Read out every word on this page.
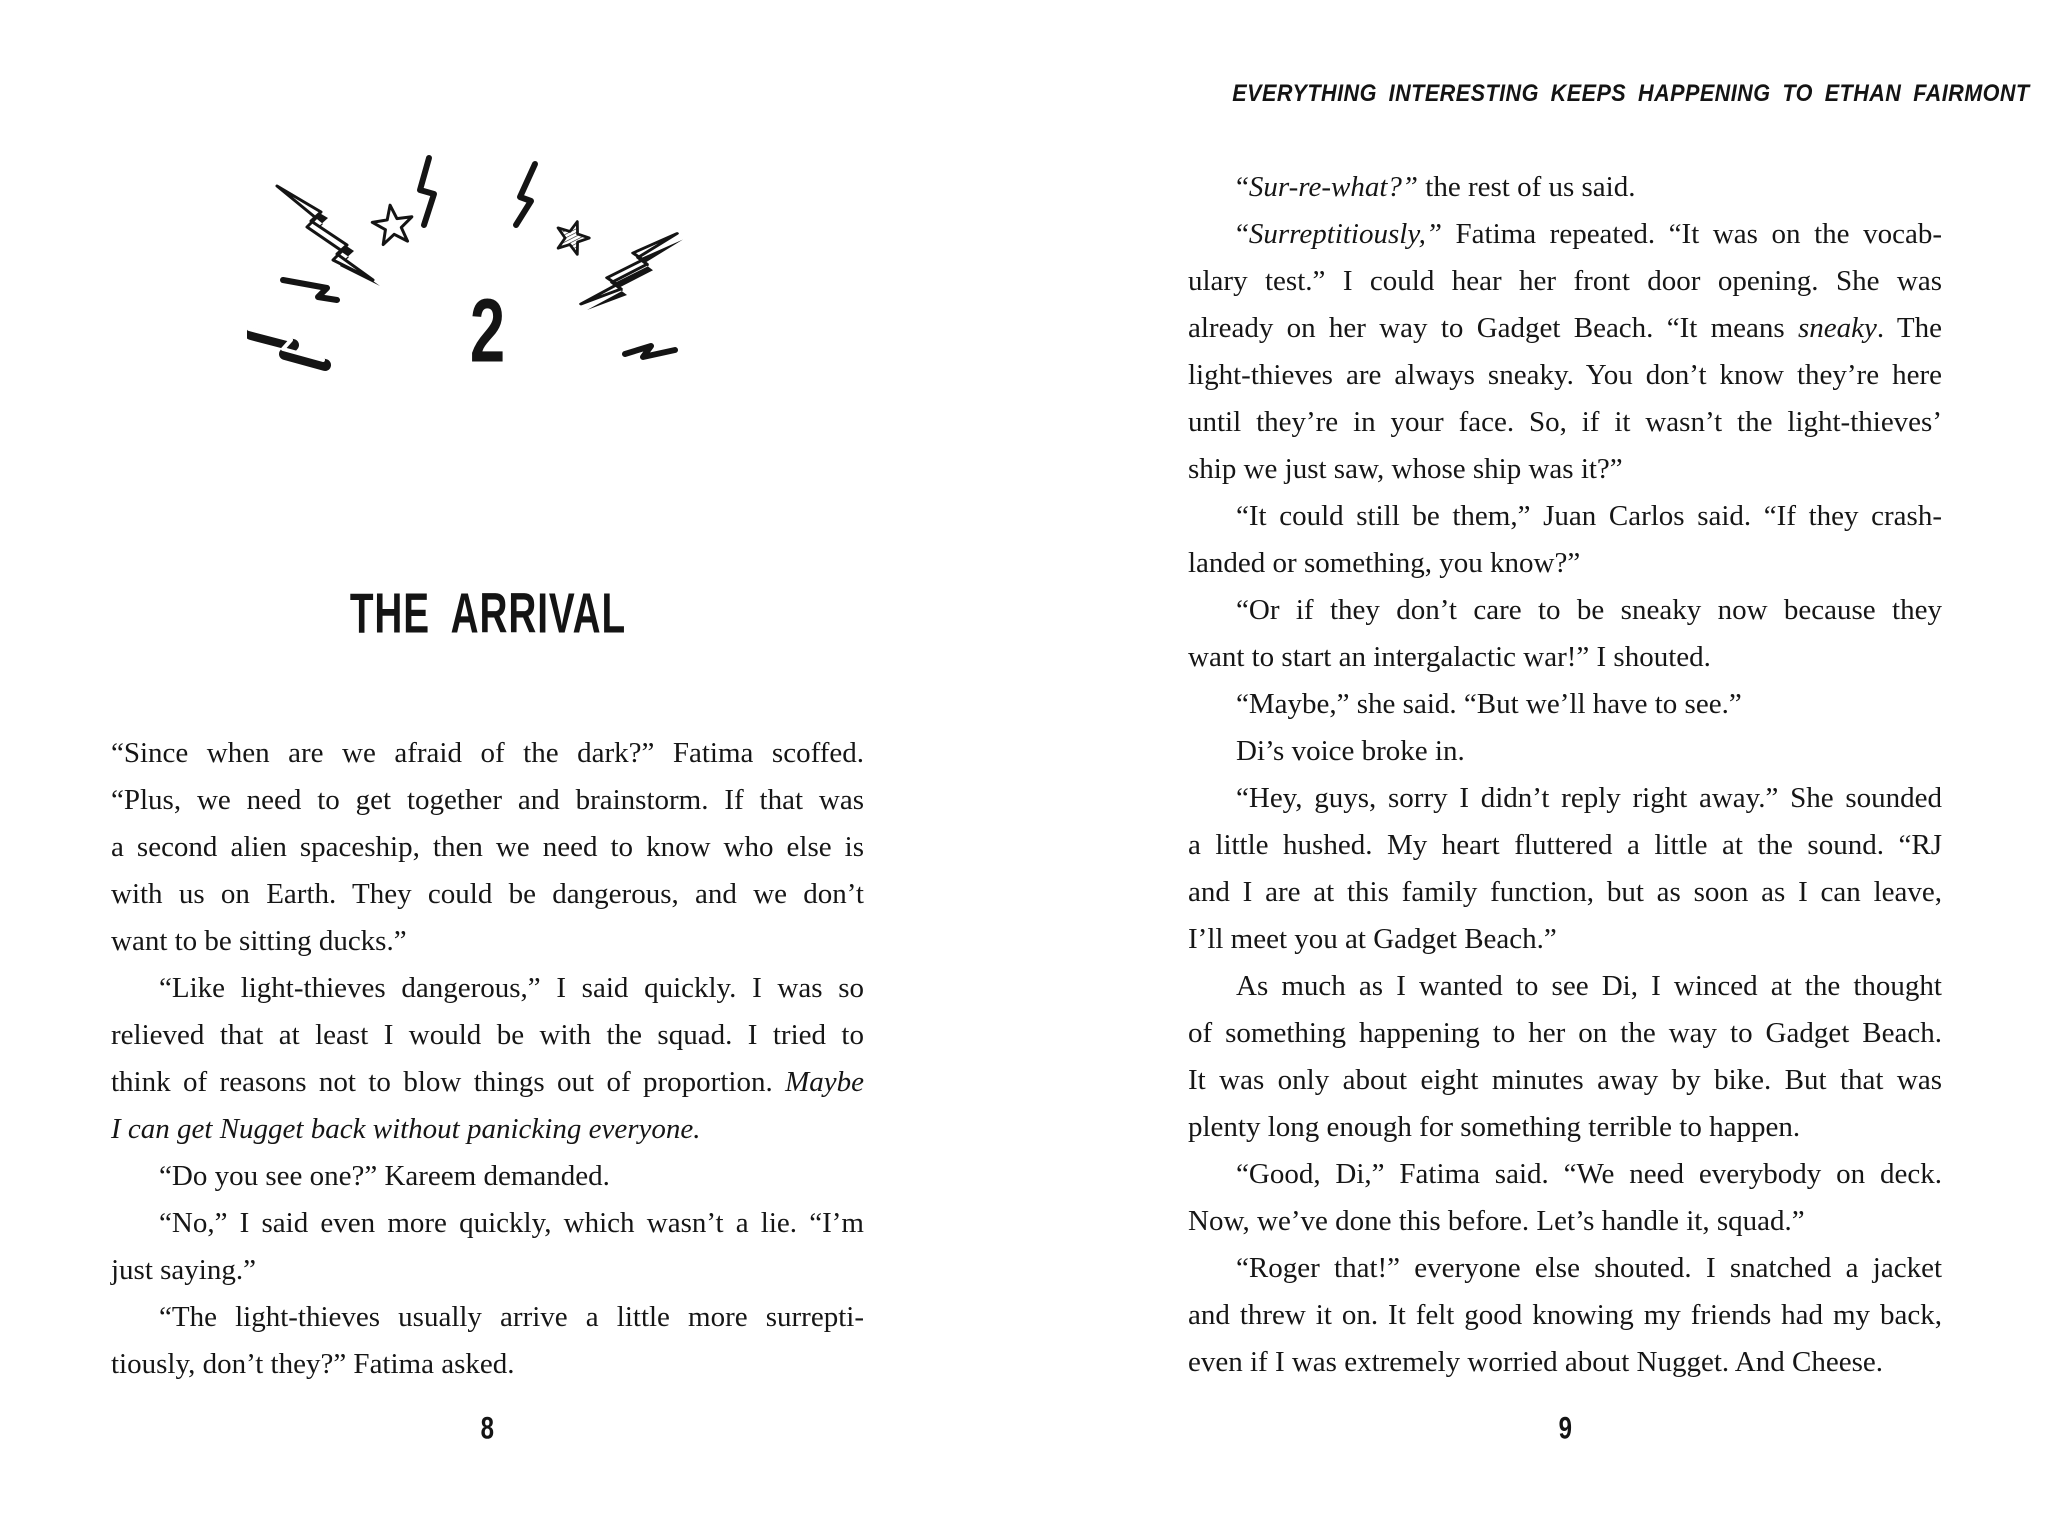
2
THE ARRIVAL
“Since when are we afraid of the dark?” Fatima scoffed.
“Plus, we need to get together and brainstorm. If that was
a second alien spaceship, then we need to know who else is
with us on Earth. They could be dangerous, and we don’t
want to be sitting ducks.”
“Like light-thieves dangerous,” I said quickly. I was so
relieved that at least I would be with the squad. I tried to
think of reasons not to blow things out of proportion. Maybe
I can get Nugget back without panicking everyone.
“Do you see one?” Kareem demanded.
“No,” I said even more quickly, which wasn’t a lie. “I’m
just saying.”
“The light-thieves usually arrive a little more surrepti-
tiously, don’t they?” Fatima asked.
8
EVERYTHING INTERESTING KEEPS HAPPENING TO ETHAN FAIRMONT
“Sur-re-what?” the rest of us said.
“Surreptitiously,” Fatima repeated. “It was on the vocab-
ulary test.” I could hear her front door opening. She was
already on her way to Gadget Beach. “It means sneaky. The
light-thieves are always sneaky. You don’t know they’re here
until they’re in your face. So, if it wasn’t the light-thieves’
ship we just saw, whose ship was it?”
“It could still be them,” Juan Carlos said. “If they crash-
landed or something, you know?”
“Or if they don’t care to be sneaky now because they
want to start an intergalactic war!” I shouted.
“Maybe,” she said. “But we’ll have to see.”
Di’s voice broke in.
“Hey, guys, sorry I didn’t reply right away.” She sounded
a little hushed. My heart fluttered a little at the sound. “RJ
and I are at this family function, but as soon as I can leave,
I’ll meet you at Gadget Beach.”
As much as I wanted to see Di, I winced at the thought
of something happening to her on the way to Gadget Beach.
It was only about eight minutes away by bike. But that was
plenty long enough for something terrible to happen.
“Good, Di,” Fatima said. “We need everybody on deck.
Now, we’ve done this before. Let’s handle it, squad.”
“Roger that!” everyone else shouted. I snatched a jacket
and threw it on. It felt good knowing my friends had my back,
even if I was extremely worried about Nugget. And Cheese.
9
